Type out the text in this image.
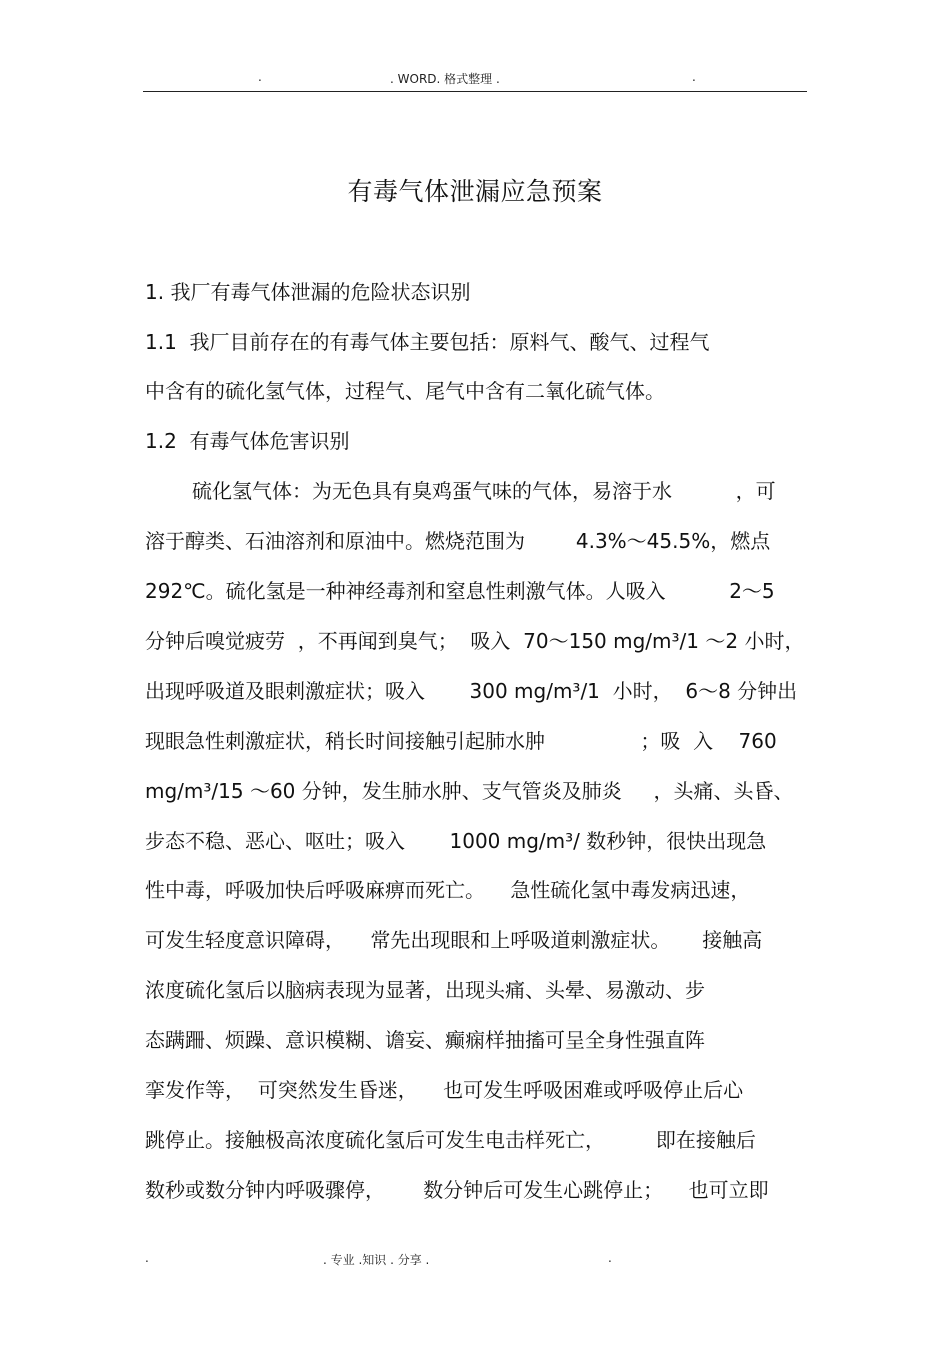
.	. WORD. 格式整理 .	.
有毒气体泄漏应急预案
1. 我厂有毒气体泄漏的危险状态识别
1.1  我厂目前存在的有毒气体主要包括：原料气、酸气、过程气
中含有的硫化氢气体，过程气、尾气中含有二氧化硫气体。
1.2  有毒气体危害识别
硫化氢气体：为无色具有臭鸡蛋气味的气体，易溶于水          ，可
溶于醇类、石油溶剂和原油中。燃烧范围为        4.3%～45.5%，燃点
292℃。硫化氢是一种神经毒剂和窒息性刺激气体。人吸入          2～5
分钟后嗅觉疲劳  ，不再闻到臭气；  吸入  70～150 mg/m³/1 ～2 小时，
出现呼吸道及眼刺激症状；吸入       300 mg/m³/1  小时，  6～8 分钟出
现眼急性刺激症状，稍长时间接触引起肺水肿               ；吸  入    760
mg/m³/15 ～60 分钟，发生肺水肿、支气管炎及肺炎     ，头痛、头昏、
步态不稳、恶心、呕吐；吸入       1000 mg/m³/ 数秒钟，很快出现急
性中毒，呼吸加快后呼吸麻痹而死亡。    急性硫化氢中毒发病迅速，
可发生轻度意识障碍，    常先出现眼和上呼吸道刺激症状。     接触高
浓度硫化氢后以脑病表现为显著，出现头痛、头晕、易激动、步
态蹒跚、烦躁、意识模糊、谵妄、癫痫样抽搐可呈全身性强直阵
挛发作等，  可突然发生昏迷，    也可发生呼吸困难或呼吸停止后心
跳停止。接触极高浓度硫化氢后可发生电击样死亡，        即在接触后
数秒或数分钟内呼吸骤停，      数分钟后可发生心跳停止；    也可立即
.	. 专业 .知识 . 分享 .	.
